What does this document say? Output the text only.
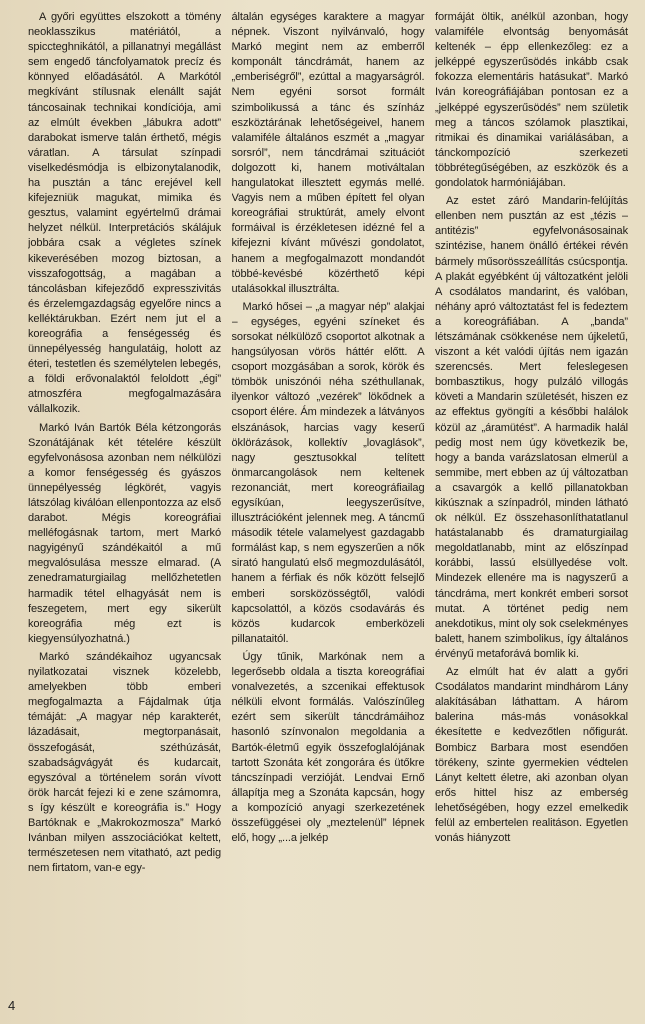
A győri együttes elszokott a tömény neoklasszikus matériától, a spiccteghnikától, a pillanatnyi megállást sem engedő táncfolyamatok precíz és könnyed előadásától. A Markótól megkívánt stílusnak elenállt saját táncosainak technikai kondíciója, ami az elmúlt években „lábukra adott” darabokat ismerve talán érthető, mégis váratlan. A társulat színpadi viselkedésmódja is elbizonytalanodik, ha pusztán a tánc erejével kell kifejezniük magukat, mimika és gesztus, valamint egyértelmű drámai helyzet nélkül. Interpretációs skálájuk jobbára csak a végletes színek kikeverésében mozog biztosan, a visszafogottság, a magában a táncolásban kifejeződő expresszivitás és érzelemgazdagság egyelőre nincs a kelléktárukban. Ezért nem jut el a koreográfia a fenségesség és ünnepélyesség hangulatáig, holott az éteri, testetlen és személytelen lebegés, a földi erővonalaktól feloldott „égi” atmoszféra megfogalmazására vállalkozik.

Markó Iván Bartók Béla kétzongorás Szonátájának két tételére készült egyfelvonásosa azonban nem nélkülözi a komor fenségesség és gyászos ünnepélyesség légkörét, vagyis látszólag kiválóan ellenpontozza az első darabot. Mégis koreográfiai melléfogásnak tartom, mert Markó nagyigényű szándékaitól a mű megvalósulása messze elmarad. (A zenedramaturgiailag mellőzhetetlen harmadik tétel elhagyását nem is feszegetem, mert egy sikerült koreográfia még ezt is kiegyensúlyozhatná.)

Markó szándékaihoz ugyancsak nyilatkozatai visznek közelebb, amelyekben több emberi megfogalmazta a Fájdalmak útja témáját: „A magyar nép karakterét, lázadásait, megtorpanásait, összefogását, széthúzását, szabadságvágyát és kudarcait, egyszóval a történelem során vívott örök harcát fejezi ki e zene számomra, s így készült e koreográfia is.” Hogy Bartóknak e „Makrokozmosza” Markó Ivánban milyen asszociációkat keltett, természetesen nem vitatható, azt pedig nem firtatom, van-e egy-

általán egységes karaktere a magyar népnek. Viszont nyilvánvaló, hogy Markó megint nem az emberről komponált táncdrámát, hanem az „emberiségről”, ezúttal a magyarságról. Nem egyéni sorsot formált szimbolikussá a tánc és színház eszköztárának lehetőségeivel, hanem valamiféle általános eszmét a „magyar sorsról”, nem táncdrámai szituációt dolgozott ki, hanem motiváltalan hangulatokat illesztett egymás mellé. Vagyis nem a műben épített fel olyan koreográfiai struktúrát, amely elvont formáival is érzékletesen idézné fel a kifejezni kívánt művészi gondolatot, hanem a megfogalmazott mondandót többé-kevésbé közérthető képi utalásokkal illusztrálta.

Markó hősei – „a magyar nép” alakjai – egységes, egyéni színeket és sorsokat nélkülöző csoportot alkotnak a hangsúlyosan vörös háttér előtt. A csoport mozgásában a sorok, körök és tömbök uniszónói néha széthullanak, ilyenkor változó „vezérek” lökődnek a csoport élére. Ám mindezek a látványos elszánások, harcias vagy keserű öklörázások, kollektív „lovaglások”, nagy gesztusokkal telített önmarcangolások nem keltenek rezonanciát, mert koreográfiailag egysíkúan, leegyszerűsítve, illusztrációként jelennek meg. A táncmű második tétele valamelyest gazdagabb formálást kap, s nem egyszerűen a nők sirató hangulatú első megmozdulásától, hanem a férfiak és nők között felsejlő emberi sorsközösségtől, valódi kapcsolattól, a közös csodavárás és közös kudarcok emberközeli pillanataitól.

Úgy tűnik, Markónak nem a legerősebb oldala a tiszta koreográfiai vonalvezetés, a szcenikai effektusok nélküli elvont formálás. Valószínűleg ezért sem sikerült táncdrámáihoz hasonló színvonalon megoldania a Bartók-életmű egyik összefoglalójának tartott Szonáta két zongorára és ütőkre táncszínpadi verzióját. Lendvai Ernő állapítja meg a Szonáta kapcsán, hogy a kompozíció anyagi szerkezetének összefüggései oly „meztelenül” lépnek elő, hogy „...a jelkép

formáját öltik, anélkül azonban, hogy valamiféle elvontság benyomását keltenék – épp ellenkezőleg: ez a jelképpé egyszerűsödés inkább csak fokozza elementáris hatásukat”. Markó Iván koreográfiájában pontosan ez a „jelképpé egyszerűsödés” nem születik meg a táncos szólamok plasztikai, ritmikai és dinamikai variálásában, a tánckompozíció szerkezeti többrétegűségében, az eszközök és a gondolatok harmóniájában.

Az estet záró Mandarin-felújítás ellenben nem pusztán az est „tézis – antitézis” egyfelvonásosainak szintézise, hanem önálló értékei révén bármely műsorösszeállítás csúcspontja. A plakát egyébként új változatként jelöli A csodálatos mandarint, és valóban, néhány apró változtatást fel is fedeztem a koreográfiában. A „banda” létszámának csökkenése nem újkeletű, viszont a két valódi újítás nem igazán szerencsés. Mert feleslegesen bombasztikus, hogy pulzáló villogás követi a Mandarin születését, hiszen ez az effektus gyöngíti a későbbi halálok közül az „áramütést”. A harmadik halál pedig most nem úgy következik be, hogy a banda varázslatosan elmerül a semmibe, mert ebben az új változatban a csavargók a kellő pillanatokban kikúsznak a színpadról, minden látható ok nélkül. Ez összehasonlíthatatlanul hatástalanabb és dramaturgiailag megoldatlanabb, mint az előszínpad korábbi, lassú elsüllyedése volt. Mindezek ellenére ma is nagyszerű a táncdráma, mert konkrét emberi sorsot mutat. A történet pedig nem anekdotikus, mint oly sok cselekményes balett, hanem szimbolikus, így általános érvényű metaforává bomlik ki.

Az elmúlt hat év alatt a győri Csodálatos mandarint mindhárom Lány alakításában láthattam. A három balerina más-más vonásokkal ékesítette e kedvezőtlen nőfigurát. Bombicz Barbara most esendően törékeny, szinte gyermekien védtelen Lányt keltett életre, aki azonban olyan erős hittel hisz az emberség lehetőségében, hogy ezzel emelkedik felül az embertelen realitáson. Egyetlen vonás hiányzott

4
